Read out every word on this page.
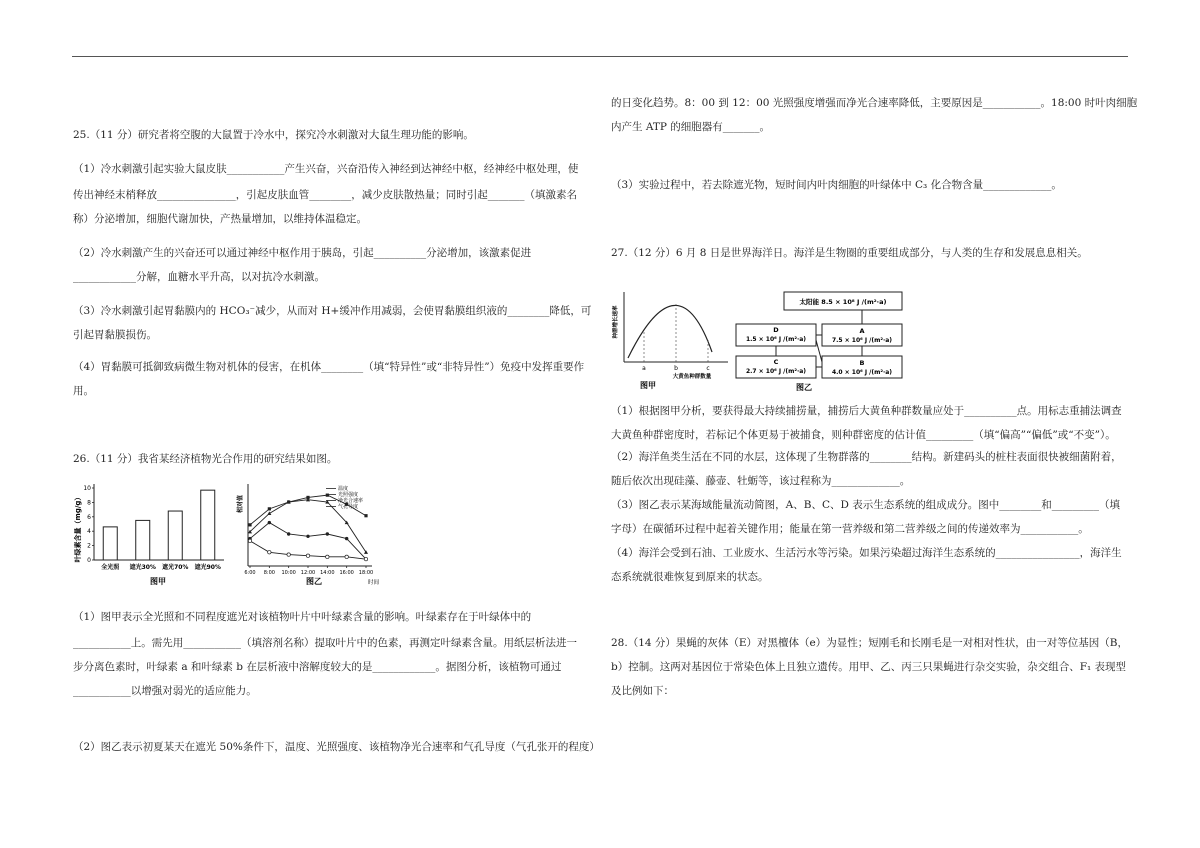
25.（11 分）研究者将空腹的大鼠置于冷水中，探究冷水刺激对大鼠生理功能的影响。
（1）冷水刺激引起实验大鼠皮肤___________产生兴奋，兴奋沿传入神经到达神经中枢，经神经中枢处理，使
传出神经末梢释放_______________，引起皮肤血管________，减少皮肤散热量；同时引起_______（填激素名
称）分泌增加，细胞代谢加快，产热量增加，以维持体温稳定。
（2）冷水刺激产生的兴奋还可以通过神经中枢作用于胰岛，引起__________分泌增加，该激素促进
____________分解，血糖水平升高，以对抗冷水刺激。
（3）冷水刺激引起胃黏膜内的 HCO₃⁻减少，从而对 H+缓冲作用减弱，会使胃黏膜组织液的________降低，可
引起胃黏膜损伤。
（4）胃黏膜可抵御致病微生物对机体的侵害，在机体________（填“特异性”或“非特异性”）免疫中发挥重要作
用。
26.（11 分）我省某经济植物光合作用的研究结果如图。
叶绿素含量（mg/g） 0
2
4
6
8
10
全光照 遮光30% 遮光70% 遮光90%
图甲
相对值
6:00 8:00 10:00 12:00 14:00 16:00 18:00
温度
光照强度
净光合速率
气孔导度
时间
图乙
（1）图甲表示全光照和不同程度遮光对该植物叶片中叶绿素含量的影响。叶绿素存在于叶绿体中的
___________上。需先用___________（填溶剂名称）提取叶片中的色素，再测定叶绿素含量。用纸层析法进一
步分离色素时，叶绿素 a 和叶绿素 b 在层析液中溶解度较大的是____________。据图分析，该植物可通过
___________以增强对弱光的适应能力。
（2）图乙表示初夏某天在遮光 50%条件下，温度、光照强度、该植物净光合速率和气孔导度（气孔张开的程度）
的日变化趋势。8：00 到 12：00 光照强度增强而净光合速率降低，主要原因是___________。18:00 时叶肉细胞
内产生 ATP 的细胞器有_______。
（3）实验过程中，若去除遮光物，短时间内叶肉细胞的叶绿体中 C₃ 化合物含量_____________。
27.（12 分）6 月 8 日是世界海洋日。海洋是生物圈的重要组成部分，与人类的生存和发展息息相关。
a	b	c
种群增长速率
大黄鱼种群数量
图甲
太阳能 8.5 × 10⁸ J /(m²·a)
A
7.5 × 10⁶ J /(m²·a)
B
4.0 × 10⁶ J /(m²·a)
D
1.5 × 10⁶ J /(m²·a)
C
2.7 × 10⁶ J /(m²·a)
图乙
（1）根据图甲分析，要获得最大持续捕捞量，捕捞后大黄鱼种群数量应处于__________点。用标志重捕法调查
大黄鱼种群密度时，若标记个体更易于被捕食，则种群密度的估计值_________（填“偏高”“偏低”或“不变”）。
（2）海洋鱼类生活在不同的水层，这体现了生物群落的________结构。新建码头的桩柱表面很快被细菌附着，
随后依次出现硅藻、藤壶、牡蛎等，该过程称为_____________。
（3）图乙表示某海域能量流动简图，A、B、C、D 表示生态系统的组成成分。图中________和_________（填
字母）在碳循环过程中起着关键作用；能量在第一营养级和第二营养级之间的传递效率为___________。
（4）海洋会受到石油、工业废水、生活污水等污染。如果污染超过海洋生态系统的________________，海洋生
态系统就很难恢复到原来的状态。
28.（14 分）果蝇的灰体（E）对黑檀体（e）为显性；短刚毛和长刚毛是一对相对性状，由一对等位基因（B，
b）控制。这两对基因位于常染色体上且独立遗传。用甲、乙、丙三只果蝇进行杂交实验，杂交组合、F₁ 表现型
及比例如下：
